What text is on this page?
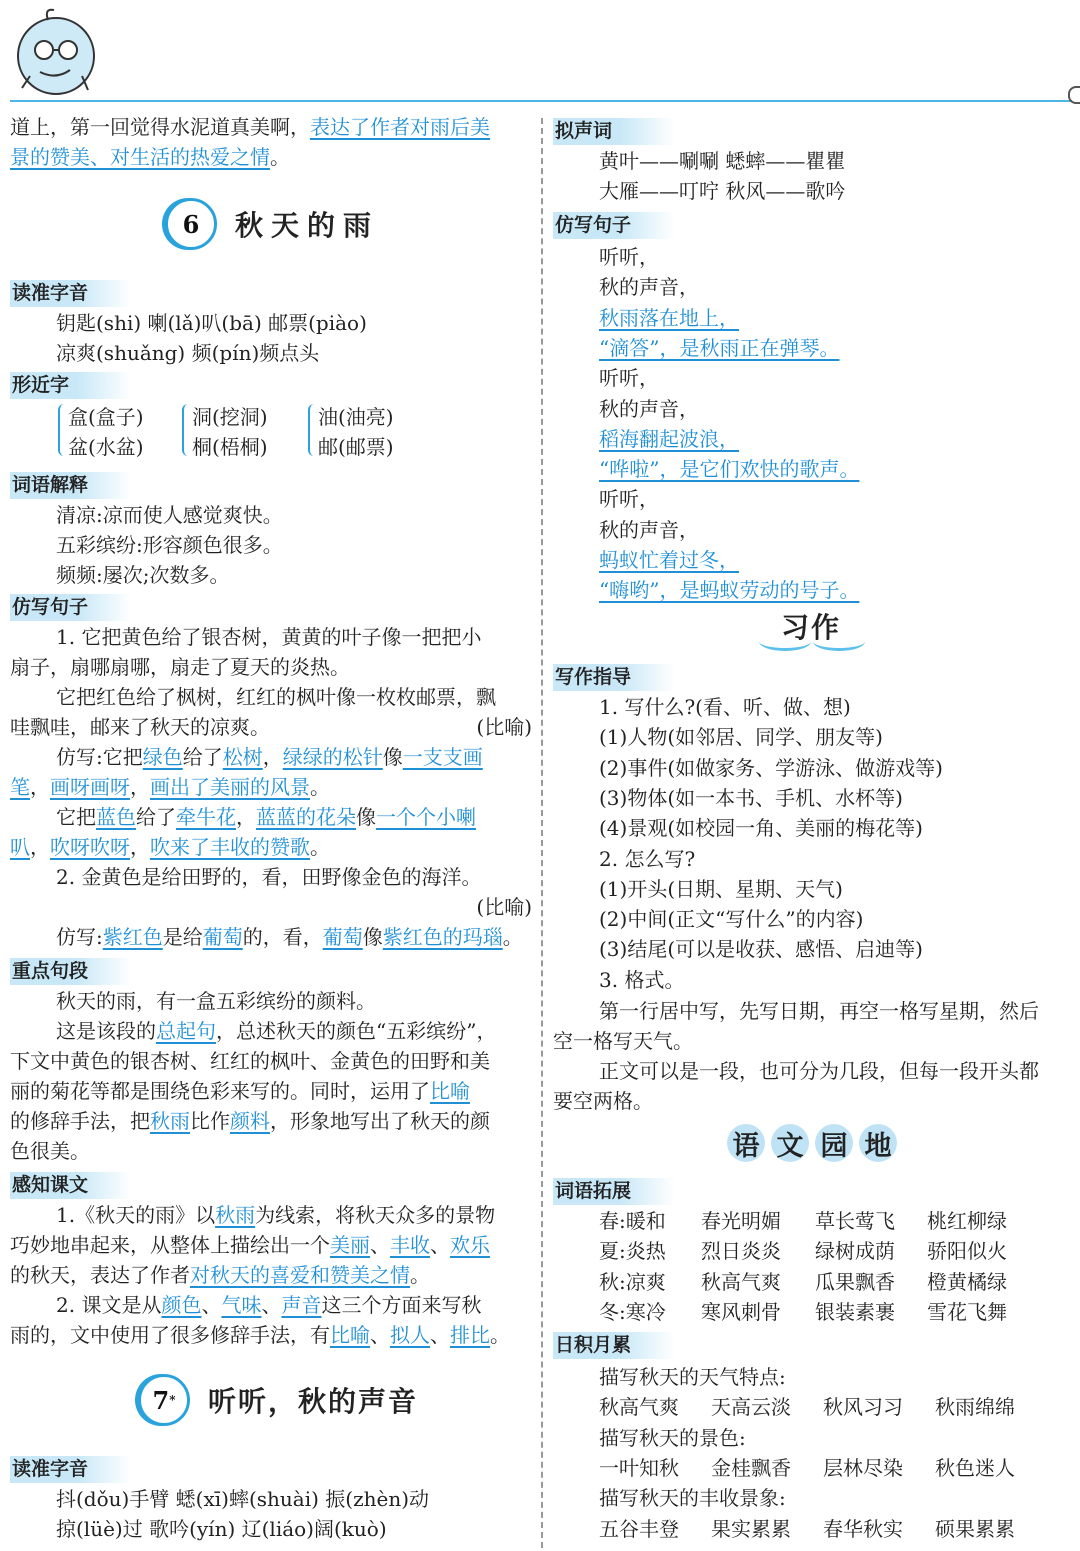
道上，第一回觉得水泥道真美啊，表达了作者对雨后美
景的赞美、对生活的热爱之情。
6	秋天的雨
读准字音
钥匙(shi) 喇(lǎ)叭(bā) 邮票(piào)
凉爽(shuǎng) 频(pín)频点头
形近字
盒(盒子)
盆(水盆)
洞(挖洞)
桐(梧桐)
油(油亮)
邮(邮票)
词语解释
清凉:凉而使人感觉爽快。
五彩缤纷:形容颜色很多。
频频:屡次;次数多。
仿写句子
1. 它把黄色给了银杏树，黄黄的叶子像一把把小
扇子，扇哪扇哪，扇走了夏天的炎热。
它把红色给了枫树，红红的枫叶像一枚枚邮票，飘
哇飘哇，邮来了秋天的凉爽。	(比喻)
仿写:它把绿色给了松树，绿绿的松针像一支支画
笔，画呀画呀，画出了美丽的风景。
它把蓝色给了牵牛花，蓝蓝的花朵像一个个小喇
叭，吹呀吹呀，吹来了丰收的赞歌。
2. 金黄色是给田野的，看，田野像金色的海洋。
(比喻)
仿写:紫红色是给葡萄的，看，葡萄像紫红色的玛瑙。
重点句段
秋天的雨，有一盒五彩缤纷的颜料。
这是该段的总起句，总述秋天的颜色“五彩缤纷”，
下文中黄色的银杏树、红红的枫叶、金黄色的田野和美
丽的菊花等都是围绕色彩来写的。同时，运用了比喻
的修辞手法，把秋雨比作颜料，形象地写出了秋天的颜
色很美。
感知课文
1.《秋天的雨》以秋雨为线索，将秋天众多的景物
巧妙地串起来，从整体上描绘出一个美丽、丰收、欢乐
的秋天，表达了作者对秋天的喜爱和赞美之情。
2. 课文是从颜色、气味、声音这三个方面来写秋
雨的，文中使用了很多修辞手法，有比喻、拟人、排比。
7 * 听听，秋的声音
读准字音
抖(dǒu)手臂 蟋(xī)蟀(shuài) 振(zhèn)动
掠(lüè)过 歌吟(yín) 辽(liáo)阔(kuò)
拟声词
黄叶——唰唰 蟋蟀——瞿瞿
大雁——叮咛 秋风——歌吟
仿写句子
听听，
秋的声音，
秋雨落在地上，
“滴答”，是秋雨正在弹琴。
听听，
秋的声音，
稻海翻起波浪，
“哗啦”，是它们欢快的歌声。
听听，
秋的声音，
蚂蚁忙着过冬，
“嗨哟”，是蚂蚁劳动的号子。
习作
写作指导
1. 写什么?(看、听、做、想)
(1)人物(如邻居、同学、朋友等)
(2)事件(如做家务、学游泳、做游戏等)
(3)物体(如一本书、手机、水杯等)
(4)景观(如校园一角、美丽的梅花等)
2. 怎么写?
(1)开头(日期、星期、天气)
(2)中间(正文“写什么”的内容)
(3)结尾(可以是收获、感悟、启迪等)
3. 格式。
第一行居中写，先写日期，再空一格写星期，然后
空一格写天气。
正文可以是一段，也可分为几段，但每一段开头都
要空两格。
语 文 园 地
词语拓展
春:暖和 春光明媚 草长莺飞 桃红柳绿
夏:炎热 烈日炎炎 绿树成荫 骄阳似火
秋:凉爽 秋高气爽 瓜果飘香 橙黄橘绿
冬:寒冷 寒风刺骨 银装素裹 雪花飞舞
日积月累
描写秋天的天气特点:
秋高气爽 天高云淡 秋风习习 秋雨绵绵
描写秋天的景色:
一叶知秋 金桂飘香 层林尽染 秋色迷人
描写秋天的丰收景象:
五谷丰登 果实累累 春华秋实 硕果累累
